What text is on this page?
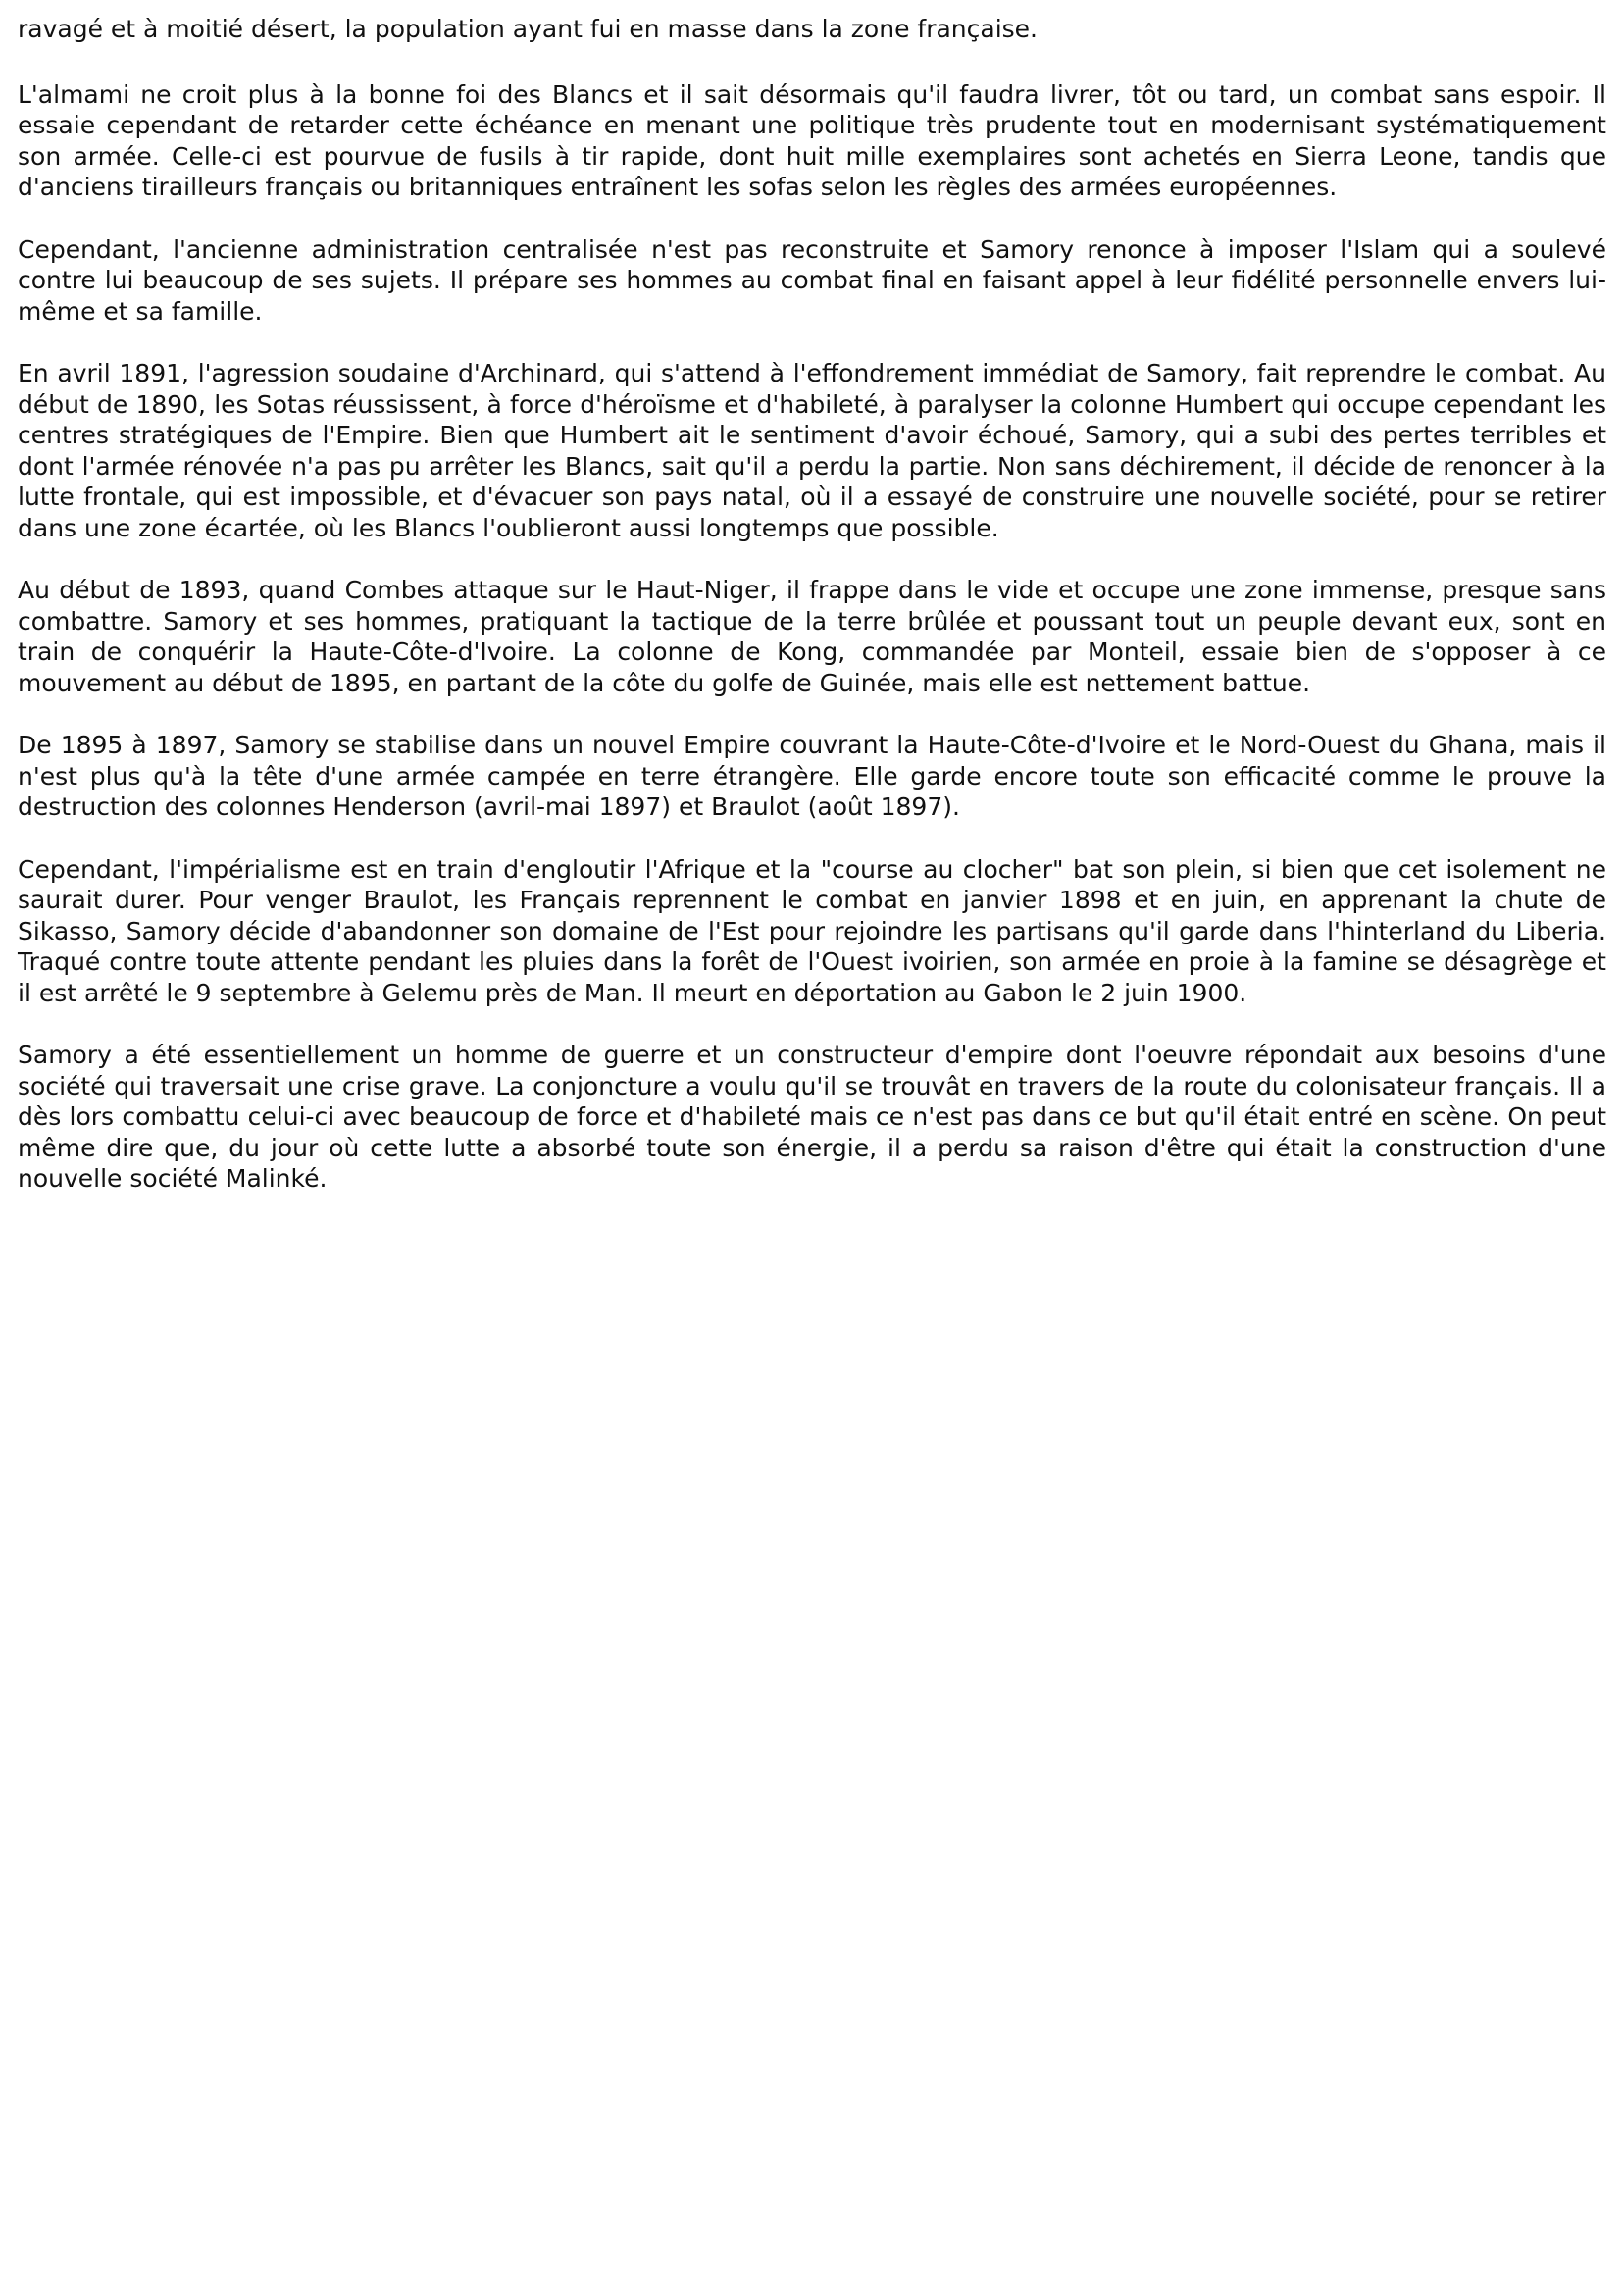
ravagé et à moitié désert, la population ayant fui en masse dans la zone française.

L'almami ne croit plus à la bonne foi des Blancs et il sait désormais qu'il faudra livrer, tôt ou tard, un combat sans espoir. Il essaie cependant de retarder cette échéance en menant une politique très prudente tout en modernisant systématiquement son armée. Celle-ci est pourvue de fusils à tir rapide, dont huit mille exemplaires sont achetés en Sierra Leone, tandis que d'anciens tirailleurs français ou britanniques entraînent les sofas selon les règles des armées européennes.

Cependant, l'ancienne administration centralisée n'est pas reconstruite et Samory renonce à imposer l'Islam qui a soulevé contre lui beaucoup de ses sujets. Il prépare ses hommes au combat final en faisant appel à leur fidélité personnelle envers lui-même et sa famille.

En avril 1891, l'agression soudaine d'Archinard, qui s'attend à l'effondrement immédiat de Samory, fait reprendre le combat. Au début de 1890, les Sotas réussissent, à force d'héroïsme et d'habileté, à paralyser la colonne Humbert qui occupe cependant les centres stratégiques de l'Empire. Bien que Humbert ait le sentiment d'avoir échoué, Samory, qui a subi des pertes terribles et dont l'armée rénovée n'a pas pu arrêter les Blancs, sait qu'il a perdu la partie. Non sans déchirement, il décide de renoncer à la lutte frontale, qui est impossible, et d'évacuer son pays natal, où il a essayé de construire une nouvelle société, pour se retirer dans une zone écartée, où les Blancs l'oublieront aussi longtemps que possible.

Au début de 1893, quand Combes attaque sur le Haut-Niger, il frappe dans le vide et occupe une zone immense, presque sans combattre. Samory et ses hommes, pratiquant la tactique de la terre brûlée et poussant tout un peuple devant eux, sont en train de conquérir la Haute-Côte-d'Ivoire. La colonne de Kong, commandée par Monteil, essaie bien de s'opposer à ce mouvement au début de 1895, en partant de la côte du golfe de Guinée, mais elle est nettement battue.

De 1895 à 1897, Samory se stabilise dans un nouvel Empire couvrant la Haute-Côte-d'Ivoire et le Nord-Ouest du Ghana, mais il n'est plus qu'à la tête d'une armée campée en terre étrangère. Elle garde encore toute son efficacité comme le prouve la destruction des colonnes Henderson (avril-mai 1897) et Braulot (août 1897).

Cependant, l'impérialisme est en train d'engloutir l'Afrique et la "course au clocher" bat son plein, si bien que cet isolement ne saurait durer. Pour venger Braulot, les Français reprennent le combat en janvier 1898 et en juin, en apprenant la chute de Sikasso, Samory décide d'abandonner son domaine de l'Est pour rejoindre les partisans qu'il garde dans l'hinterland du Liberia. Traqué contre toute attente pendant les pluies dans la forêt de l'Ouest ivoirien, son armée en proie à la famine se désagrège et il est arrêté le 9 septembre à Gelemu près de Man. Il meurt en déportation au Gabon le 2 juin 1900.

Samory a été essentiellement un homme de guerre et un constructeur d'empire dont l'oeuvre répondait aux besoins d'une société qui traversait une crise grave. La conjoncture a voulu qu'il se trouvât en travers de la route du colonisateur français. Il a dès lors combattu celui-ci avec beaucoup de force et d'habileté mais ce n'est pas dans ce but qu'il était entré en scène. On peut même dire que, du jour où cette lutte a absorbé toute son énergie, il a perdu sa raison d'être qui était la construction d'une nouvelle société Malinké.
